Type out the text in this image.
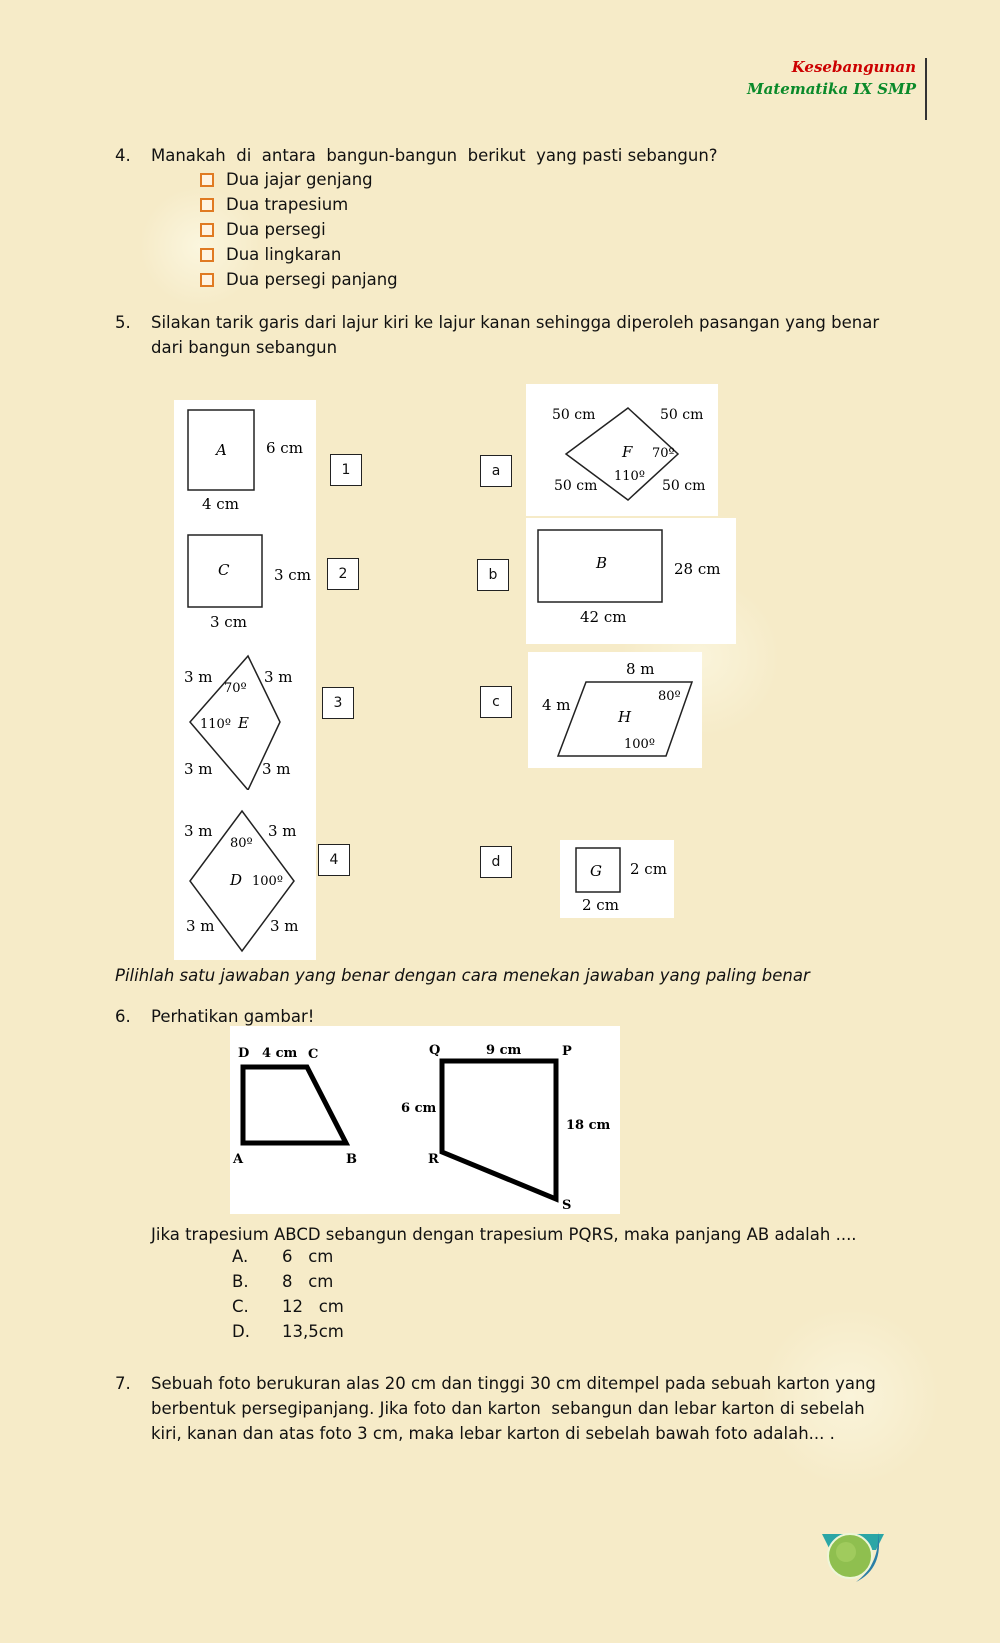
Kesebangunan
Matematika IX SMP
4. Manakah  di  antara  bangun-bangun  berikut  yang pasti sebangun?
Dua jajar genjang
Dua trapesium
Dua persegi
Dua lingkaran
Dua persegi panjang
5. Silakan tarik garis dari lajur kiri ke lajur kanan sehingga diperoleh pasangan yang benar
dari bangun sebangun
A	6 cm
4 cm
C	3 cm
3 cm
3 m	3 m
70º
110º E
3 m	3 m
3 m	3 m
80º
D 100º
3 m	3 m
1
2
3
4
a
b
c
d
50 cm	50 cm
F 70º
110º
50 cm	50 cm
B	28 cm
42 cm
8 m
4 m	80º
H
100º
G 2 cm
2 cm
Pilihlah satu jawaban yang benar dengan cara menekan jawaban yang paling benar
6. Perhatikan gambar!
D 4 cm C
A	B
Q	9 cm	P
6 cm
18 cm
R
S
Jika trapesium ABCD sebangun dengan trapesium PQRS, maka panjang AB adalah ....
A. 6   cm
B. 8   cm
C. 12   cm
D. 13,5cm
7. Sebuah foto berukuran alas 20 cm dan tinggi 30 cm ditempel pada sebuah karton yang
berbentuk persegipanjang. Jika foto dan karton  sebangun dan lebar karton di sebelah
kiri, kanan dan atas foto 3 cm, maka lebar karton di sebelah bawah foto adalah... .
